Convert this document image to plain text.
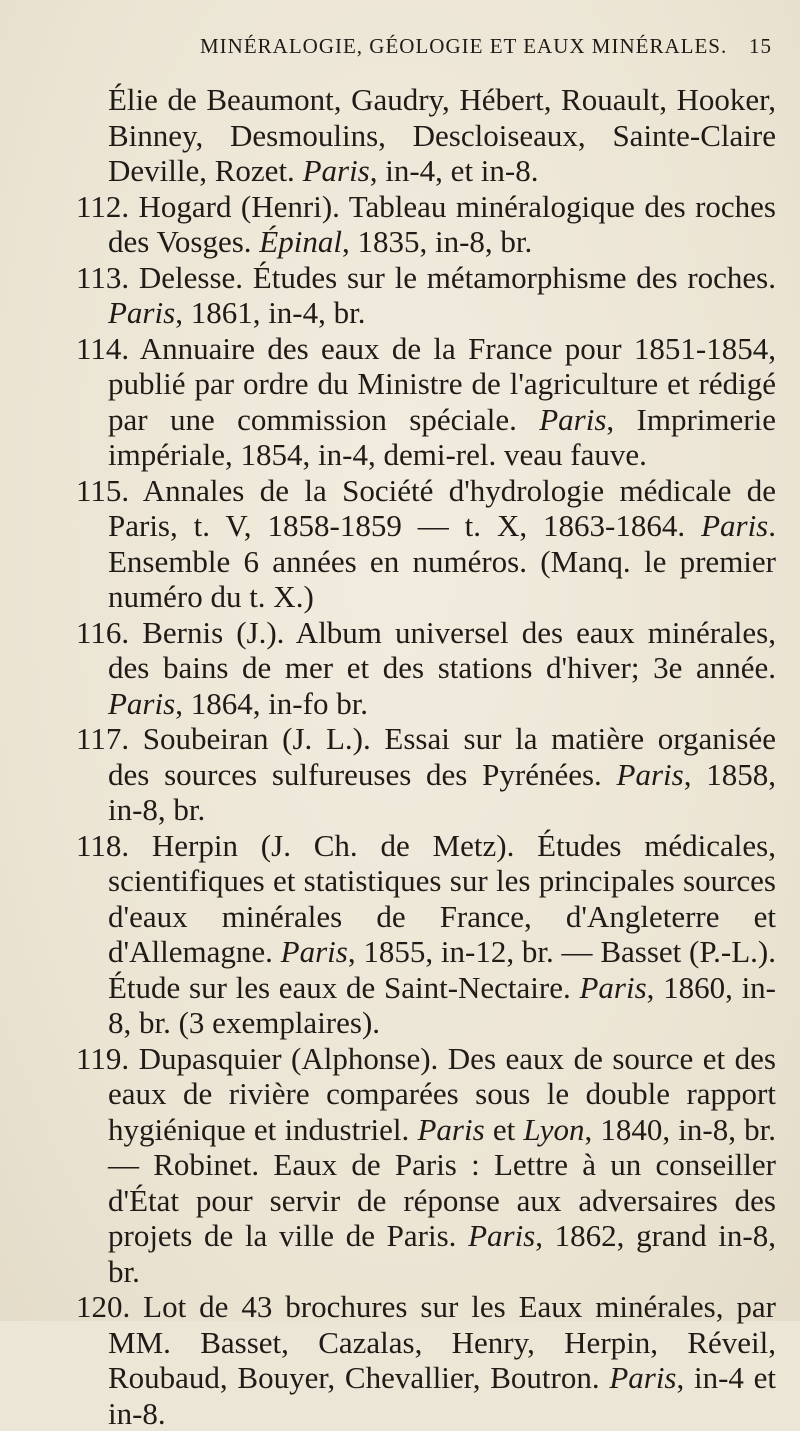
MINÉRALOGIE, GÉOLOGIE ET EAUX MINÉRALES. 15

Élie de Beaumont, Gaudry, Hébert, Rouault, Hooker, Binney, Desmoulins, Descloiseaux, Sainte-Claire Deville, Rozet. Paris, in-4, et in-8.

112. Hogard (Henri). Tableau minéralogique des roches des Vosges. Épinal, 1835, in-8, br.

113. Delesse. Études sur le métamorphisme des roches. Paris, 1861, in-4, br.

114. Annuaire des eaux de la France pour 1851-1854, publié par ordre du Ministre de l'agriculture et rédigé par une commission spéciale. Paris, Imprimerie impériale, 1854, in-4, demi-rel. veau fauve.

115. Annales de la Société d'hydrologie médicale de Paris, t. V, 1858-1859 — t. X, 1863-1864. Paris. Ensemble 6 années en numéros. (Manq. le premier numéro du t. X.)

116. Bernis (J.). Album universel des eaux minérales, des bains de mer et des stations d'hiver; 3e année. Paris, 1864, in-fo br.

117. Soubeiran (J. L.). Essai sur la matière organisée des sources sulfureuses des Pyrénées. Paris, 1858, in-8, br.

118. Herpin (J. Ch. de Metz). Études médicales, scientifiques et statistiques sur les principales sources d'eaux minérales de France, d'Angleterre et d'Allemagne. Paris, 1855, in-12, br. — Basset (P.-L.). Étude sur les eaux de Saint-Nectaire. Paris, 1860, in-8, br. (3 exemplaires).

119. Dupasquier (Alphonse). Des eaux de source et des eaux de rivière comparées sous le double rapport hygiénique et industriel. Paris et Lyon, 1840, in-8, br. — Robinet. Eaux de Paris : Lettre à un conseiller d'État pour servir de réponse aux adversaires des projets de la ville de Paris. Paris, 1862, grand in-8, br.

120. Lot de 43 brochures sur les Eaux minérales, par MM. Basset, Cazalas, Henry, Herpin, Réveil, Roubaud, Bouyer, Chevallier, Boutron. Paris, in-4 et in-8.
